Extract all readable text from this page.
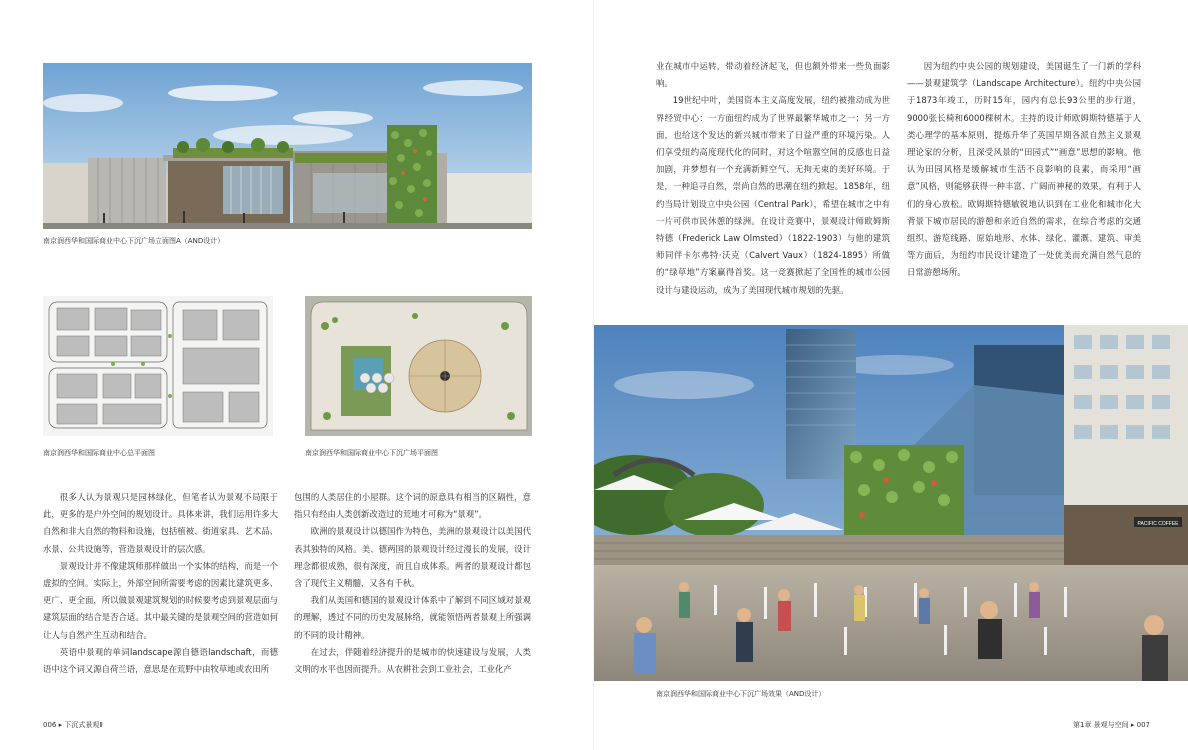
南京润西华和国际商业中心下沉广场立面图A（AND设计）
南京润西华和国际商业中心总平面图	南京润西华和国际商业中心下沉广场平面图

很多人认为景观只是园林绿化，但笔者认为景观不局限于此，更多的是户外空间的规划设计。具体来讲，我们运用许多大自然和非大自然的物料和设施，包括植被、街道家具、艺术品、水景、公共设施等，营造景观设计的层次感。

景观设计并不像建筑师那样做出一个实体的结构，而是一个虚拟的空间。实际上，外部空间所需要考虑的因素比建筑更多、更广、更全面，所以做景观建筑规划的时候要考虑到景观层面与建筑层面的结合是否合适。其中最关键的是景观空间的营造如何让人与自然产生互动和结合。

英语中景观的单词landscape源自德语landschaft，而德语中这个词又源自荷兰语，意思是在荒野中由牧草地或农田所

包围的人类居住的小屋群。这个词的原意具有相当的区隔性，意指只有经由人类创新改造过的荒地才可称为“景观”。

欧洲的景观设计以德国作为特色，美洲的景观设计以美国代表其独特的风格。美、德两国的景观设计经过漫长的发展，设计理念都很成熟，很有深度，而且自成体系。两者的景观设计都包含了现代主义精髓，又各有千秋。

我们从美国和德国的景观设计体系中了解到不同区域对景观的理解，透过不同的历史发展脉络，就能领悟两者景观上所强调的不同的设计精神。

在过去，伴随着经济提升的是城市的快速建设与发展，人类文明的水平也因而提升。从农耕社会到工业社会，工业化产

006 ▸ 下沉式景观Ⅱ

业在城市中运转，带动着经济起飞，但也额外带来一些负面影响。

19世纪中叶，美国资本主义高度发展，纽约被推动成为世界经贸中心：一方面纽约成为了世界最繁华城市之一；另一方面，也给这个发达的新兴城市带来了日益严重的环境污染。人们享受纽约高度现代化的同时，对这个喧嚣空间的反感也日益加剧，并梦想有一个充满新鲜空气、无拘无束的美好环境。于是，一种追寻自然，崇尚自然的思潮在纽约掀起。1858年，纽约当局计划设立中央公园（Central Park），希望在城市之中有一片可供市民休憩的绿洲。在设计竞赛中，景观设计师欧姆斯特德（Frederick Law Olmsted）（1822-1903）与他的建筑师同伴卡尔弗特·沃克（Calvert Vaux）（1824-1895）所做的“绿草地”方案赢得首奖。这一竞赛掀起了全国性的城市公园设计与建设运动，成为了美国现代城市规划的先驱。

因为纽约中央公园的规划建设，美国诞生了一门新的学科——景观建筑学（Landscape Architecture）。纽约中央公园于1873年竣工，历时15年，园内有总长93公里的步行道，9000张长椅和6000棵树木。主持的设计师欧姆斯特德基于人类心理学的基本原则，提炼升华了英国早期各派自然主义景观理论家的分析，且深受风景的“田园式”“画意”思想的影响。他认为田园风格是缓解城市生活不良影响的良素，而采用“画意”风格，则能够获得一种丰富、广阔而神秘的效果，有利于人们的身心放松。欧姆斯特德敏锐地认识到在工业化和城市化大背景下城市居民的游憩和亲近自然的需求，在综合考虑的交通组织、游览线路、原始地形、水体、绿化、灌溉、建筑、审美等方面后，为纽约市民设计建造了一处优美而充满自然气息的日常游憩场所。

PACIFIC COFFEE
南京润西华和国际商业中心下沉广场效果（AND设计）
第1章 景观与空间 ▸ 007
